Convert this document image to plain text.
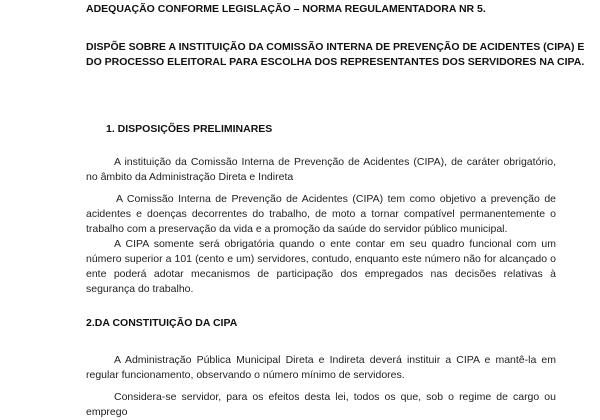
ADEQUAÇÃO CONFORME LEGISLAÇÃO – NORMA REGULAMENTADORA NR 5.
DISPÕE SOBRE A INSTITUIÇÃO DA COMISSÃO INTERNA DE PREVENÇÃO DE ACIDENTES (CIPA) E
DO PROCESSO ELEITORAL PARA ESCOLHA DOS REPRESENTANTES DOS SERVIDORES NA CIPA.
1. DISPOSIÇÕES PRELIMINARES

A instituição da Comissão Interna de Prevenção de Acidentes (CIPA), de caráter obrigatório, no âmbito da Administração Direta e Indireta

A Comissão Interna de Prevenção de Acidentes (CIPA) tem como objetivo a prevenção de acidentes e doenças decorrentes do trabalho, de moto a tornar compatível permanentemente o trabalho com a preservação da vida e a promoção da saúde do servidor público municipal.

A CIPA somente será obrigatória quando o ente contar em seu quadro funcional com um número superior a 101 (cento e um) servidores, contudo, enquanto este número não for alcançado o ente poderá adotar mecanismos de participação dos empregados nas decisões relativas à segurança do trabalho.

2.DA CONSTITUIÇÃO DA CIPA

A Administração Pública Municipal Direta e Indireta deverá instituir a CIPA e mantê-la em regular funcionamento, observando o número mínimo de servidores.

Considera-se servidor, para os efeitos desta lei, todos os que, sob o regime de cargo ou emprego
